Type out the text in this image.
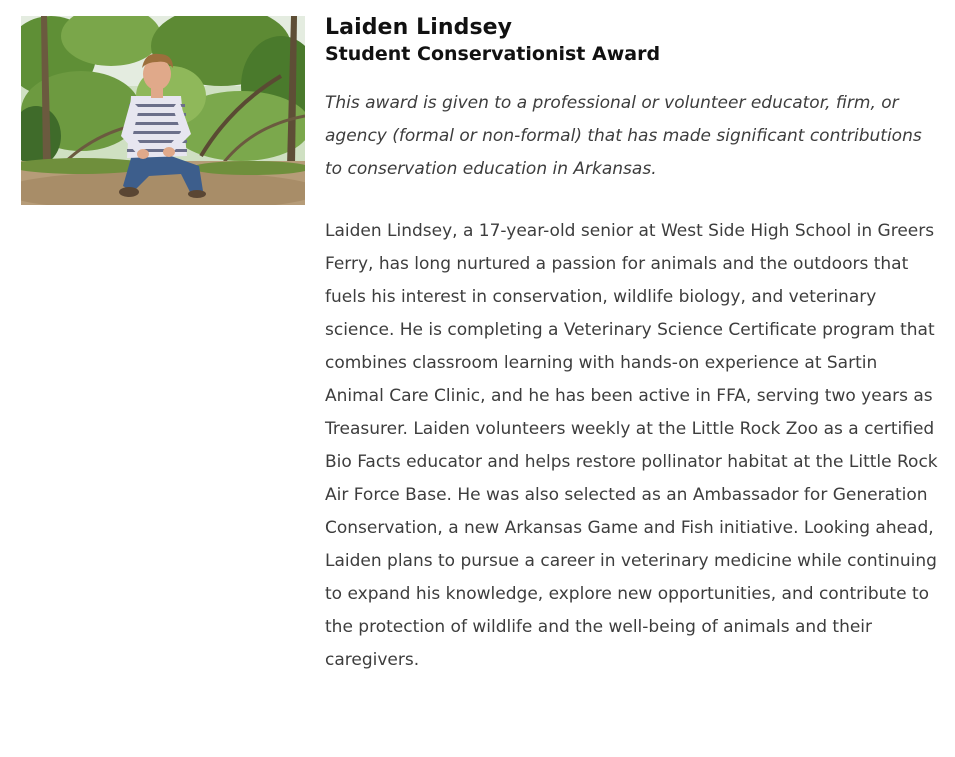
Laiden Lindsey
Student Conservationist Award

This award is given to a professional or volunteer educator, firm, or agency (formal or non-formal) that has made significant contributions to conservation education in Arkansas.

Laiden Lindsey, a 17-year-old senior at West Side High School in Greers Ferry, has long nurtured a passion for animals and the outdoors that fuels his interest in conservation, wildlife biology, and veterinary science. He is completing a Veterinary Science Certificate program that combines classroom learning with hands-on experience at Sartin Animal Care Clinic, and he has been active in FFA, serving two years as Treasurer. Laiden volunteers weekly at the Little Rock Zoo as a certified Bio Facts educator and helps restore pollinator habitat at the Little Rock Air Force Base. He was also selected as an Ambassador for Generation Conservation, a new Arkansas Game and Fish initiative. Looking ahead, Laiden plans to pursue a career in veterinary medicine while continuing to expand his knowledge, explore new opportunities, and contribute to the protection of wildlife and the well-being of animals and their caregivers.
